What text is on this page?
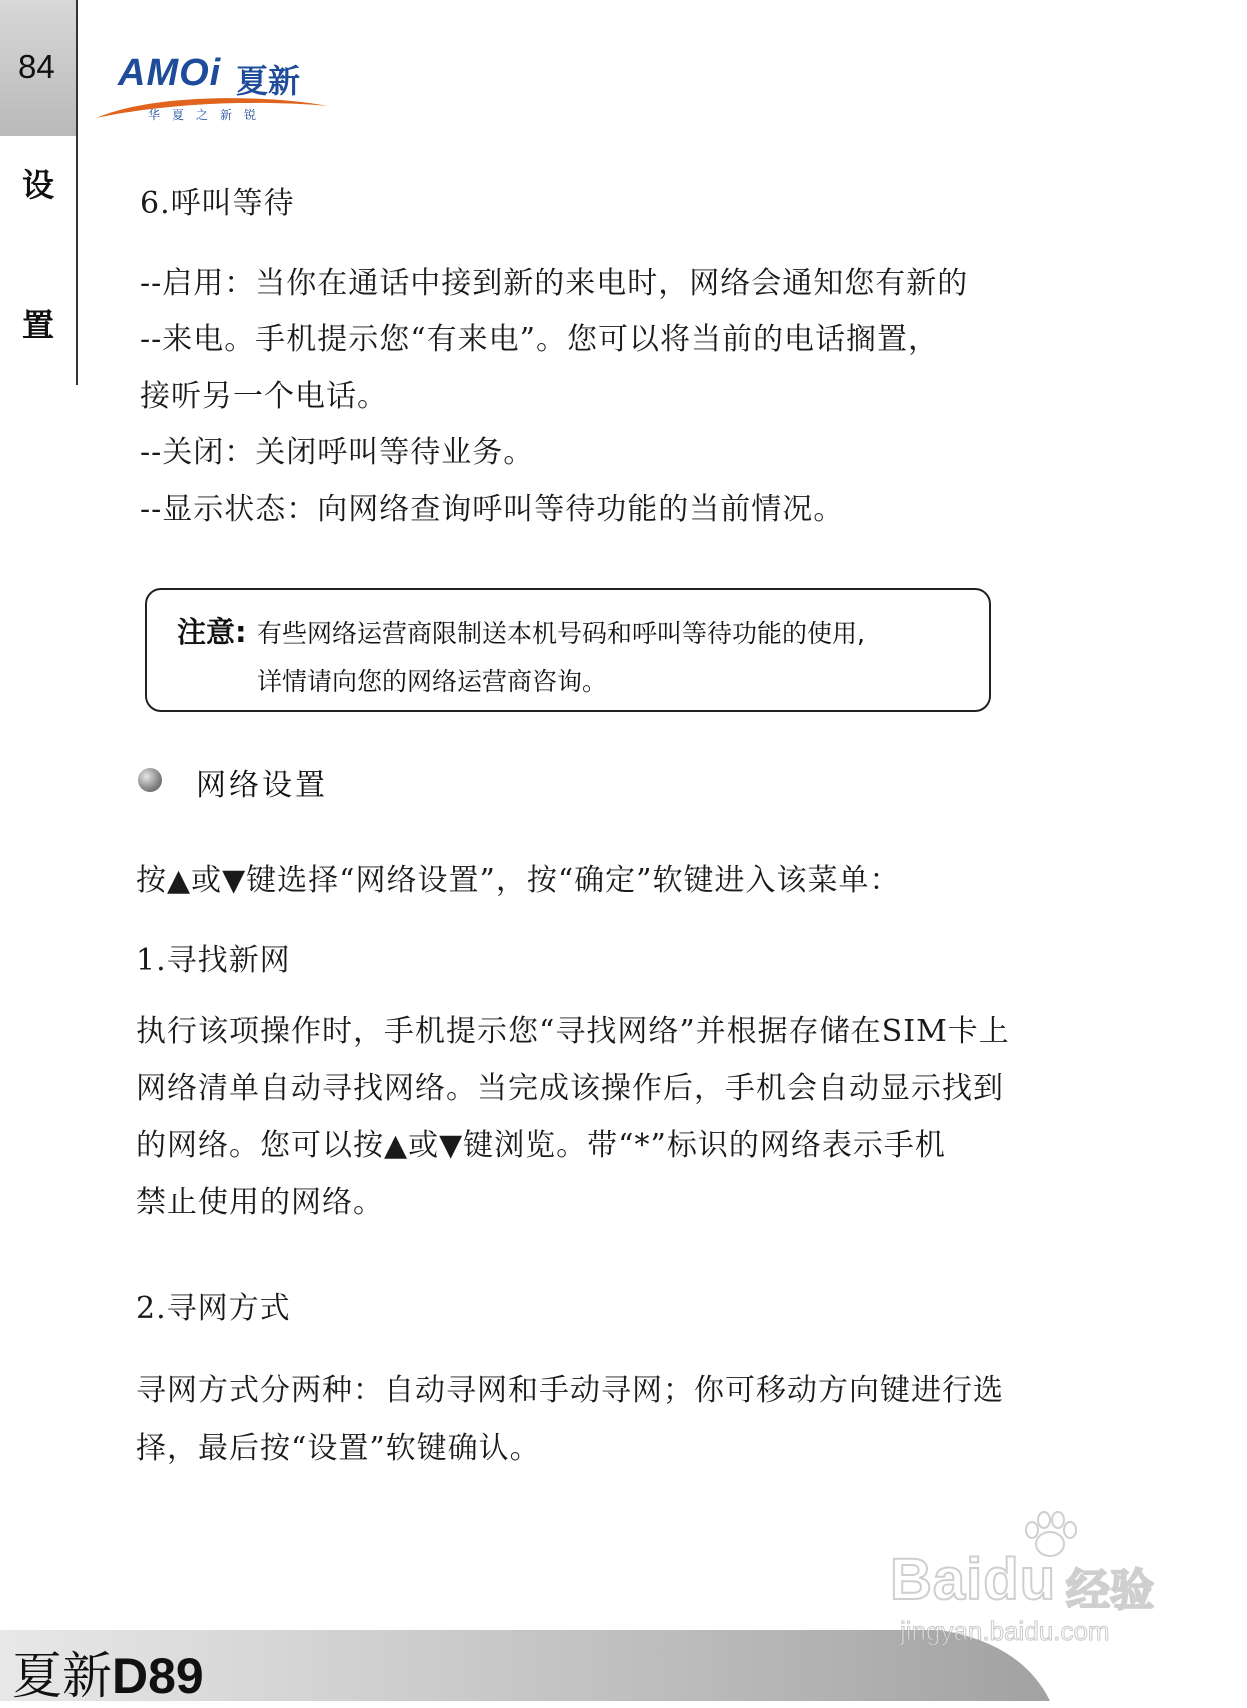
84
设
置
AMOi 夏新
华夏之新锐
6.呼叫等待
--启用：当你在通话中接到新的来电时，网络会通知您有新的
--来电。手机提示您“有来电”。您可以将当前的电话搁置，
接听另一个电话。
--关闭：关闭呼叫等待业务。
--显示状态：向网络查询呼叫等待功能的当前情况。
注意: 有些网络运营商限制送本机号码和呼叫等待功能的使用,
详情请向您的网络运营商咨询。
网络设置
按▲或▼键选择“网络设置”，按“确定”软键进入该菜单：
1.寻找新网
执行该项操作时，手机提示您“寻找网络”并根据存储在SIM卡上
网络清单自动寻找网络。当完成该操作后，手机会自动显示找到
的网络。您可以按▲或▼键浏览。带“*”标识的网络表示手机
禁止使用的网络。
2.寻网方式
寻网方式分两种：自动寻网和手动寻网；你可移动方向键进行选
择，最后按“设置”软键确认。
夏新D89
Baidu 经验
jingyan.baidu.com
